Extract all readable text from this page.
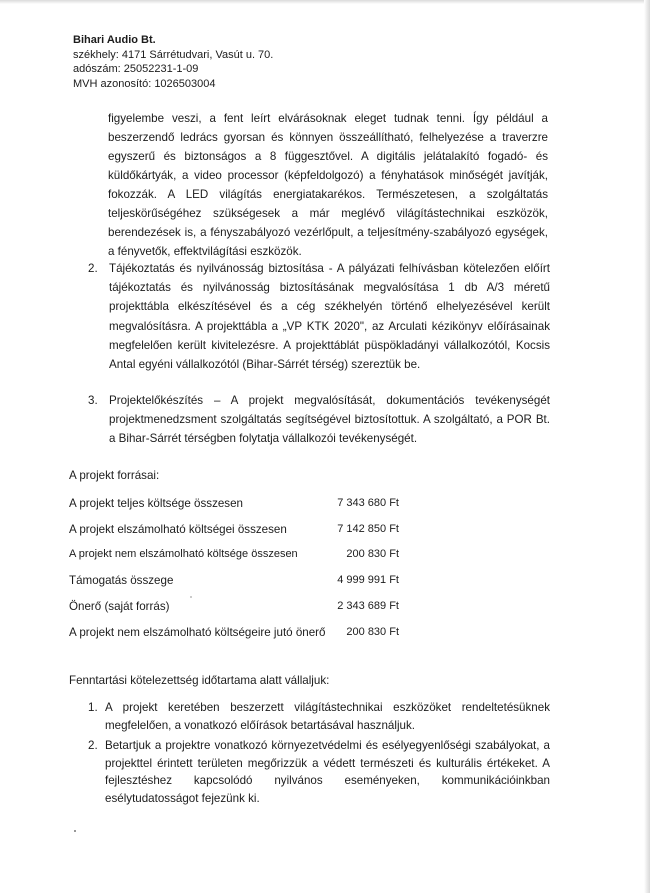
Bihari Audio Bt.
székhely: 4171 Sárrétudvari, Vasút u. 70.
adószám: 25052231-1-09
MVH azonosító: 1026503004
figyelembe veszi, a fent leírt elvárásoknak eleget tudnak tenni. Így például a beszerzendő ledrács gyorsan és könnyen összeállítható, felhelyezése a traverzre egyszerű és biztonságos a 8 függesztővel. A digitális jelátalakító fogadó- és küldőkártyák, a video processor (képfeldolgozó) a fényhatások minőségét javítják, fokozzák. A LED világítás energiatakarékos. Természetesen, a szolgáltatás teljeskörűségéhez szükségesek a már meglévő világítástechnikai eszközök, berendezések is, a fényszabályozó vezérlőpult, a teljesítmény-szabályozó egységek, a fényvetők, effektvilágítási eszközök.
2. Tájékoztatás és nyilvánosság biztosítása - A pályázati felhívásban kötelezően előírt tájékoztatás és nyilvánosság biztosításának megvalósítása 1 db A/3 méretű projekttábla elkészítésével és a cég székhelyén történő elhelyezésével került megvalósításra. A projekttábla a „VP KTK 2020", az Arculati kézikönyv előírásainak megfelelően került kivitelezésre. A projekttáblát püspökladányi vállalkozótól, Kocsis Antal egyéni vállalkozótól (Bihar-Sárrét térség) szereztük be.
3. Projektelőkészítés – A projekt megvalósítását, dokumentációs tevékenységét projektmenedzsment szolgáltatás segítségével biztosítottuk. A szolgáltató, a POR Bt. a Bihar-Sárrét térségben folytatja vállalkozói tevékenységét.
A projekt forrásai:
A projekt teljes költsége összesen	7 343 680 Ft
A projekt elszámolható költségei összesen	7 142 850 Ft
A projekt nem elszámolható költsége összesen	200 830 Ft
Támogatás összege	4 999 991 Ft
Önerő (saját forrás)	2 343 689 Ft
A projekt nem elszámolható költségeire jutó önerő 200 830 Ft
Fenntartási kötelezettség időtartama alatt vállaljuk:
1. A projekt keretében beszerzett világítástechnikai eszközöket rendeltetésüknek megfelelően, a vonatkozó előírások betartásával használjuk.
2. Betartjuk a projektre vonatkozó környezetvédelmi és esélyegyenlőségi szabályokat, a projekttel érintett területen megőrizzük a védett természeti és kulturális értékeket. A fejlesztéshez kapcsolódó nyilvános eseményeken, kommunikációinkban esélytudatosságot fejezünk ki.
